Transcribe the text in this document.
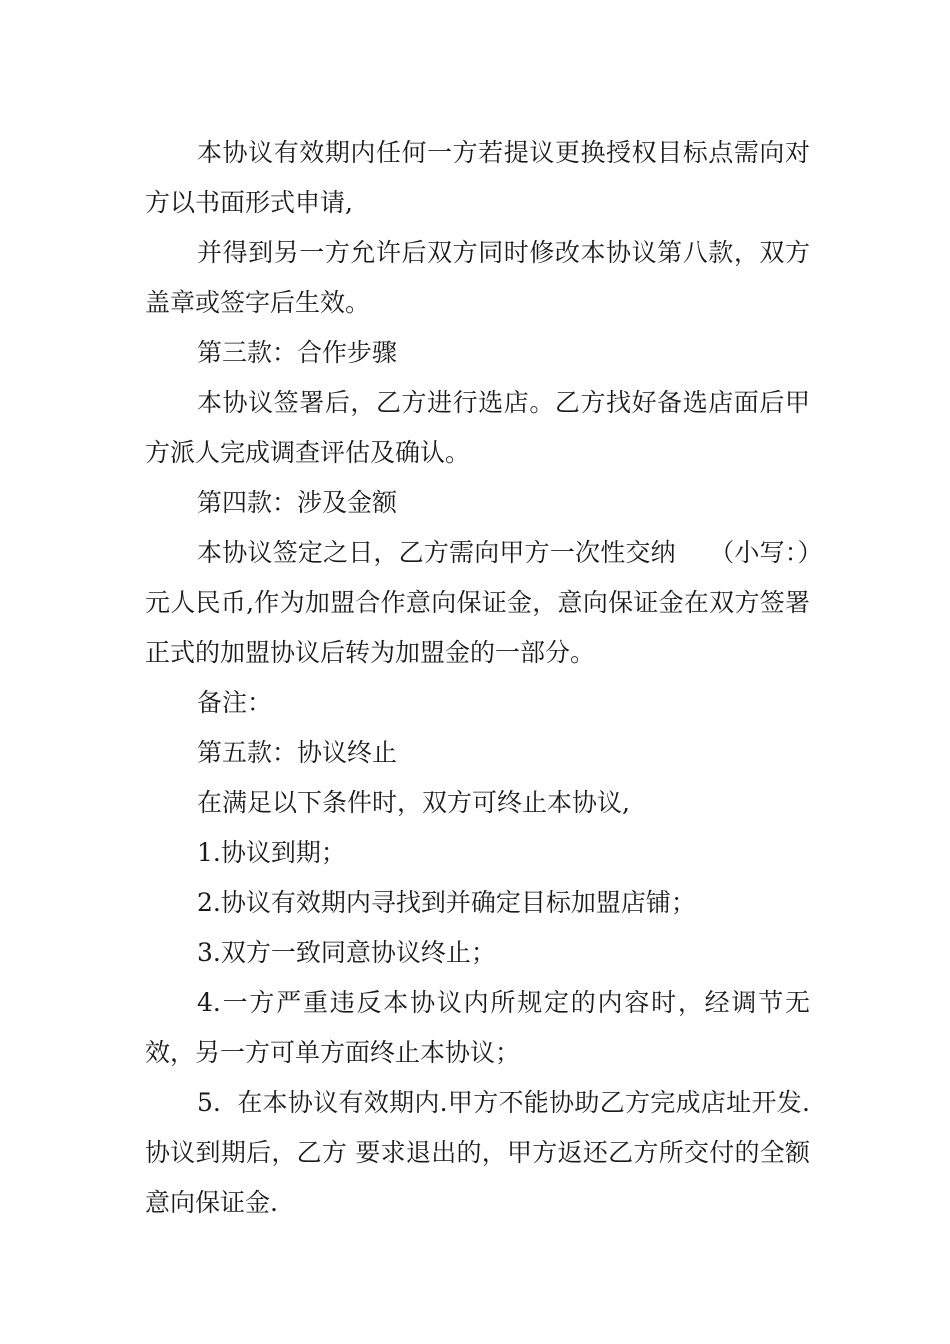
本协议有效期内任何一方若提议更换授权目标点需向对方以书面形式申请,

并得到另一方允许后双方同时修改本协议第八款，双方盖章或签字后生效。

第三款：合作步骤

本协议签署后，乙方进行选店。乙方找好备选店面后甲方派人完成调查评估及确认。

第四款：涉及金额

本协议签定之日，乙方需向甲方一次性交纳　 （小写：）元人民币,作为加盟合作意向保证金，意向保证金在双方签署正式的加盟协议后转为加盟金的一部分。

备注：

第五款：协议终止

在满足以下条件时，双方可终止本协议,

1.协议到期；

2.协议有效期内寻找到并确定目标加盟店铺；

3.双方一致同意协议终止；

4.一方严重违反本协议内所规定的内容时，经调节无效，另一方可单方面终止本协议；

5.  在本协议有效期内.甲方不能协助乙方完成店址开发. 协议到期后，乙方 要求退出的，甲方返还乙方所交付的全额意向保证金.
